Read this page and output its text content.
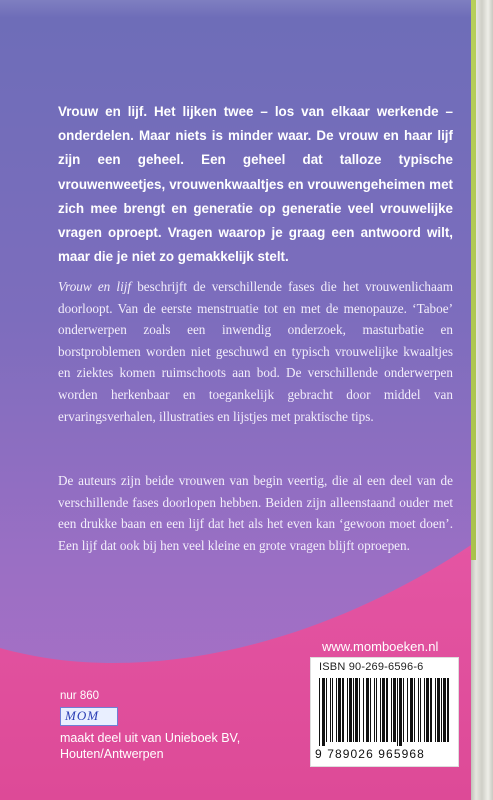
Vrouw en lijf. Het lijken twee – los van elkaar werkende – onderdelen. Maar niets is minder waar. De vrouw en haar lijf zijn een geheel. Een geheel dat talloze typische vrouwenweetjes, vrouwenkwaaltjes en vrouwengeheimen met zich mee brengt en generatie op generatie veel vrouwelijke vragen oproept. Vragen waarop je graag een antwoord wilt, maar die je niet zo gemakkelijk stelt.

Vrouw en lijf beschrijft de verschillende fases die het vrouwenlichaam doorloopt. Van de eerste menstruatie tot en met de menopauze. ‘Taboe’ onderwerpen zoals een inwendig onderzoek, masturbatie en borstproblemen worden niet geschuwd en typisch vrouwelijke kwaaltjes en ziektes komen ruimschoots aan bod. De verschillende onderwerpen worden herkenbaar en toegankelijk gebracht door middel van ervaringsverhalen, illustraties en lijstjes met praktische tips.

De auteurs zijn beide vrouwen van begin veertig, die al een deel van de verschillende fases doorlopen hebben. Beiden zijn alleenstaand ouder met een drukke baan en een lijf dat het als het even kan ‘gewoon moet doen’. Een lijf dat ook bij hen veel kleine en grote vragen blijft oproepen.

www.momboeken.nl
ISBN 90-269-6596-6
9 789026 965968
nur 860
MOM
maakt deel uit van Unieboek BV,
Houten/Antwerpen
